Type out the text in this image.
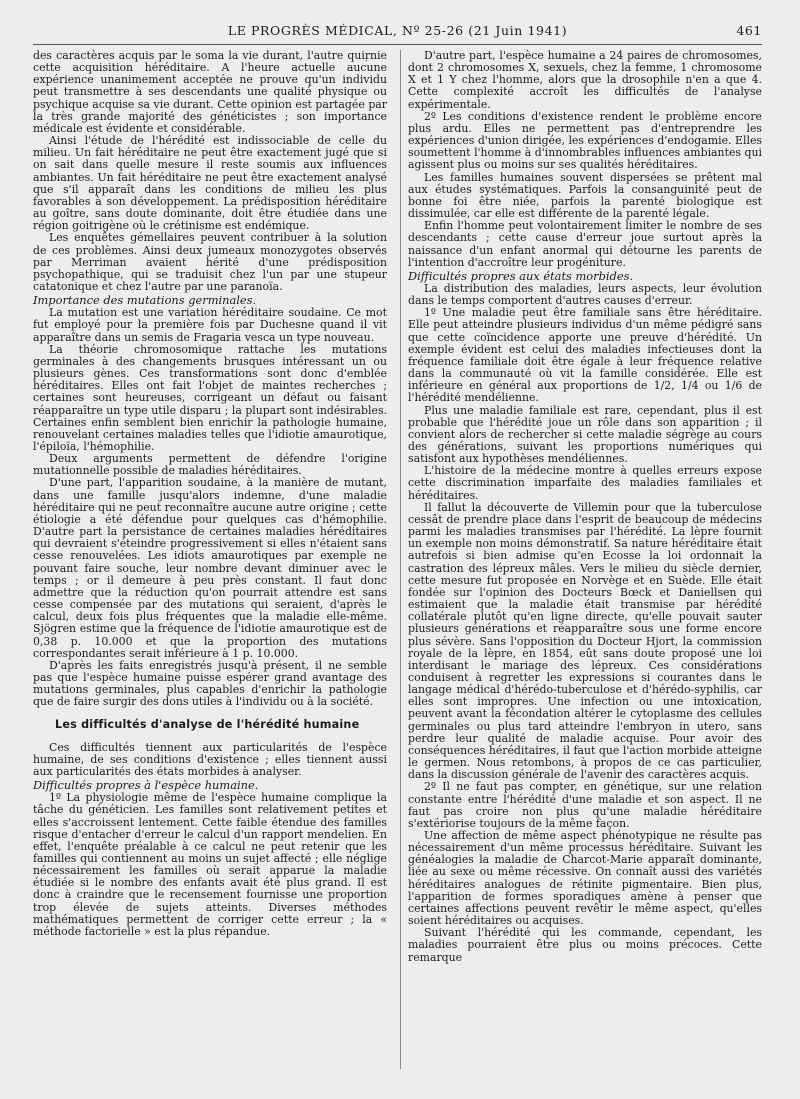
LE PROGRÈS MÉDICAL, Nº 25-26 (21 Juin 1941)	461

des caractères acquis par le soma la vie durant, l'autre quiŗnie cette acquisition héréditaire. A l'heure actuelle aucune expérience unanimement acceptée ne prouve qu'un individu peut transmettre à ses descendants une qualité physique ou psychique acquise sa vie durant. Cette opinion est partagée par la très grande majorité des généticistes ; son importance médicale est évidente et considérable.

Ainsi l'étude de l'hérédité est indissociable de celle du milieu. Un fait héréditaire ne peut être exactement jugé que si on sait dans quelle mesure il reste soumis aux influences ambiantes. Un fait héréditaire ne peut être exactement analysé que s'il apparaît dans les conditions de milieu les plus favorables à son développement. La prédisposition héréditaire au goître, sans doute dominante, doit être étudiée dans une région goitrigène où le crétinisme est endémique.

Les enquêtes gémellaires peuvent contribuer à la solution de ces problèmes. Ainsi deux jumeaux monozygotes observés par Merriman avaient hérité d'une prédisposition psychopathique, qui se traduisit chez l'un par une stupeur catatonique et chez l'autre par une paranoïa.

Importance des mutations germinales.

La mutation est une variation héréditaire soudaine. Ce mot fut employé pour la première fois par Duchesne quand il vit apparaître dans un semis de Fragaria vesca un type nouveau.

La théorie chromosomique rattache les mutations germinales à des changements brusques intéressant un ou plusieurs gènes. Ces transformations sont donc d'emblée héréditaires. Elles ont fait l'objet de maintes recherches ; certaines sont heureuses, corrigeant un défaut ou faisant réapparaître un type utile disparu ; la plupart sont indésirables. Certaines enfin semblent bien enrichir la pathologie humaine, renouvelant certaines maladies telles que l'idiotie amaurotique, l'épiloïa, l'hémophilie.

Deux arguments permettent de défendre l'origine mutationnelle possible de maladies héréditaires.

D'une part, l'apparition soudaine, à la manière de mutant, dans une famille jusqu'alors indemne, d'une maladie héréditaire qui ne peut reconnaître aucune autre origine ; cette étiologie a été défendue pour quelques cas d'hémophilie. D'autre part la persistance de certaines maladies héréditaires qui devraient s'éteindre progressivement si elles n'étaient sans cesse renouvelées. Les idiots amaurotiques par exemple ne pouvant faire souche, leur nombre devant diminuer avec le temps ; or il demeure à peu près constant. Il faut donc admettre que la réduction qu'on pourrait attendre est sans cesse compensée par des mutations qui seraient, d'après le calcul, deux fois plus fréquentes que la maladie elle-même. Sjögren estime que la fréquence de l'idiotie amaurotique est de 0,38 p. 10.000 et que la proportion des mutations correspondantes serait inférieure à 1 p. 10.000.

D'après les faits enregistrés jusqu'à présent, il ne semble pas que l'espèce humaine puisse espérer grand avantage des mutations germinales, plus capables d'enrichir la pathologie que de faire surgir des dons utiles à l'individu ou à la société.

Les difficultés d'analyse de l'hérédité humaine

Ces difficultés tiennent aux particularités de l'espèce humaine, de ses conditions d'existence ; elles tiennent aussi aux particularités des états morbides à analyser.

Difficultés propres à l'espèce humaine.

1º La physiologie même de l'espèce humaine complique la tâche du généticien. Les familles sont relativement petites et elles s'accroissent lentement. Cette faible étendue des familles risque d'entacher d'erreur le calcul d'un rapport mendelien. En effet, l'enquête préalable à ce calcul ne peut retenir que les familles qui contiennent au moins un sujet affecté ; elle néglige nécessairement les familles où serait apparue la maladie étudiée si le nombre des enfants avait été plus grand. Il est donc à craindre que le recensement fournisse une proportion trop élevée de sujets atteints. Diverses méthodes mathématiques permettent de corriger cette erreur ; la « méthode factorielle » est la plus répandue.

D'autre part, l'espèce humaine a 24 paires de chromosomes, dont 2 chromosomes X, sexuels, chez la femme, 1 chromosome X et 1 Y chez l'homme, alors que la drosophile n'en a que 4. Cette complexité accroît les difficultés de l'analyse expérimentale.

2º Les conditions d'existence rendent le problème encore plus ardu. Elles ne permettent pas d'entreprendre les expériences d'union dirigée, les expériences d'endogamie. Elles soumettent l'homme à d'innombrables influences ambiantes qui agissent plus ou moins sur ses qualités héréditaires.

Les familles humaines souvent dispersées se prêtent mal aux études systématiques. Parfois la consanguinité peut de bonne foi être niée, parfois la parenté biologique est dissimulée, car elle est différente de la parenté légale.

Enfin l'homme peut volontairement limiter le nombre de ses descendants ; cette cause d'erreur joue surtout après la naissance d'un enfant anormal qui détourne les parents de l'intention d'accroître leur progéniture.

Difficultés propres aux états morbides.

La distribution des maladies, leurs aspects, leur évolution dans le temps comportent d'autres causes d'erreur.

1º Une maladie peut être familiale sans être héréditaire. Elle peut atteindre plusieurs individus d'un même pédigré sans que cette coïncidence apporte une preuve d'hérédité. Un exemple évident est celui des maladies infectieuses dont la fréquence familiale doit être égale à leur fréquence relative dans la communauté où vit la famille considérée. Elle est inférieure en général aux proportions de 1/2, 1/4 ou 1/6 de l'hérédité mendélienne.

Plus une maladie familiale est rare, cependant, plus il est probable que l'hérédité joue un rôle dans son apparition ; il convient alors de rechercher si cette maladie ségrège au cours des générations, suivant les proportions numériques qui satisfont aux hypothèses mendéliennes.

L'histoire de la médecine montre à quelles erreurs expose cette discrimination imparfaite des maladies familiales et héréditaires.

Il fallut la découverte de Villemin pour que la tuberculose cessât de prendre place dans l'esprit de beaucoup de médecins parmi les maladies transmises par l'hérédité. La lèpre fournit un exemple non moins démonstratif. Sa nature héréditaire était autrefois si bien admise qu'en Ecosse la loi ordonnait la castration des lépreux mâles. Vers le milieu du siècle dernier, cette mesure fut proposée en Norvège et en Suède. Elle était fondée sur l'opinion des Docteurs Bœck et Daniellsen qui estimaient que la maladie était transmise par hérédité collatérale plutôt qu'en ligne directe, qu'elle pouvait sauter plusieurs générations et réapparaître sous une forme encore plus sévère. Sans l'opposition du Docteur Hjort, la commission royale de la lèpre, en 1854, eût sans doute proposé une loi interdisant le mariage des lépreux. Ces considérations conduisent à regretter les expressions si courantes dans le langage médical d'hérédo-tuberculose et d'hérédo-syphilis, car elles sont impropres. Une infection ou une intoxication, peuvent avant la fécondation altérer le cytoplasme des cellules germinales ou plus tard atteindre l'embryon in utero, sans perdre leur qualité de maladie acquise. Pour avoir des conséquences héréditaires, il faut que l'action morbide atteigne le germen. Nous retombons, à propos de ce cas particulier, dans la discussion générale de l'avenir des caractères acquis.

2º Il ne faut pas compter, en génétique, sur une relation constante entre l'hérédité d'une maladie et son aspect. Il ne faut pas croire non plus qu'une maladie héréditaire s'extériorise toujours de la même façon.

Une affection de même aspect phénotypique ne résulte pas nécessairement d'un même processus héréditaire. Suivant les généalogies la maladie de Charcot-Marie apparaît dominante, liée au sexe ou même récessive. On connaît aussi des variétés héréditaires analogues de rétinite pigmentaire. Bien plus, l'apparition de formes sporadiques amène à penser que certaines affections peuvent revêtir le même aspect, qu'elles soient héréditaires ou acquises.

Suivant l'hérédité qui les commande, cependant, les maladies pourraient être plus ou moins précoces. Cette remarque
